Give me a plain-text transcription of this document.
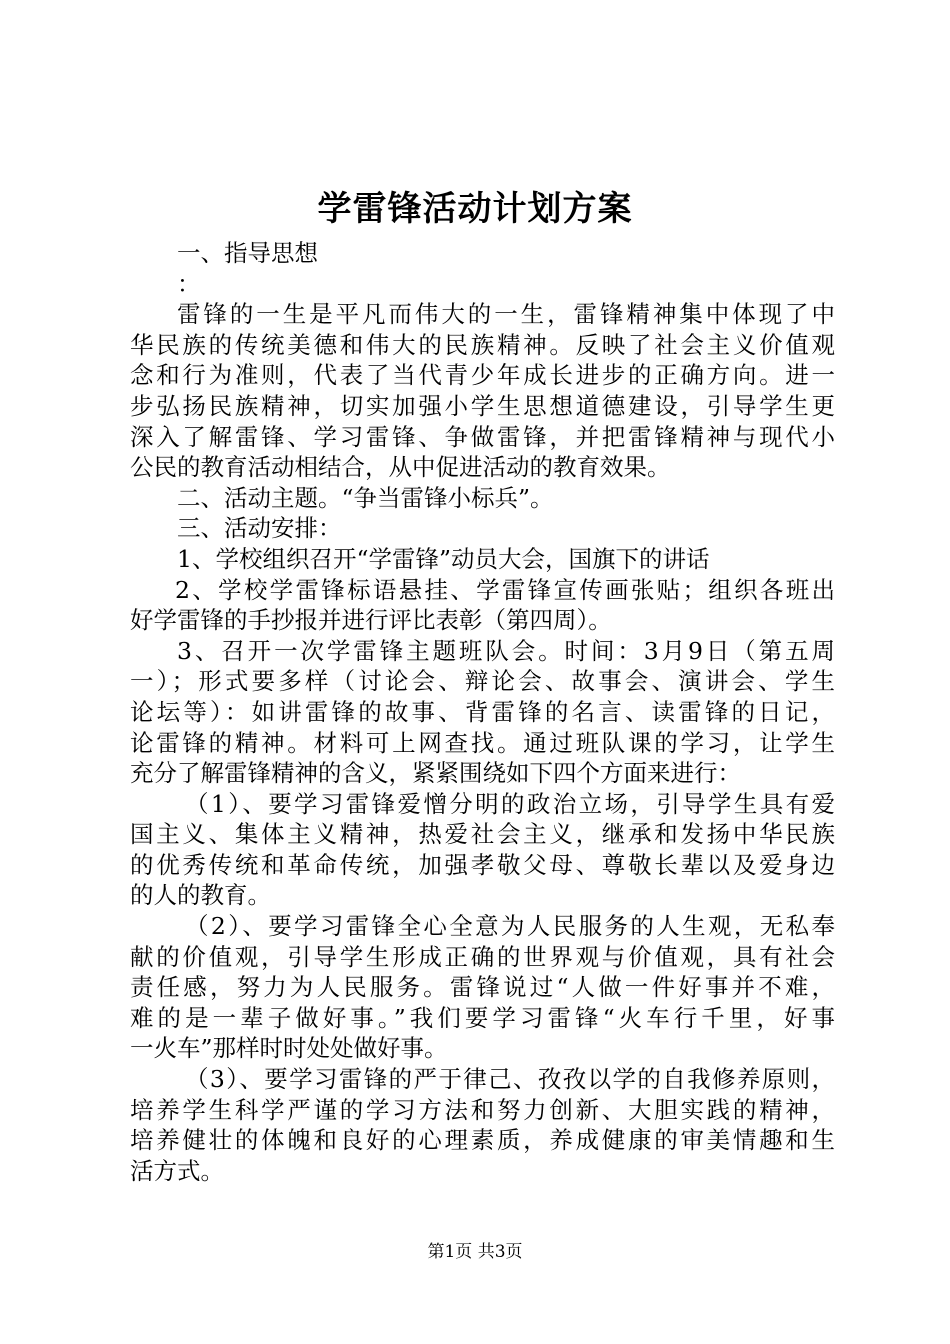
学雷锋活动计划方案
一、指导思想
：
雷锋的一生是平凡而伟大的一生，雷锋精神集中体现了中
华民族的传统美德和伟大的民族精神。反映了社会主义价值观
念和行为准则，代表了当代青少年成长进步的正确方向。进一
步弘扬民族精神，切实加强小学生思想道德建设，引导学生更
深入了解雷锋、学习雷锋、争做雷锋，并把雷锋精神与现代小
公民的教育活动相结合，从中促进活动的教育效果。
二、活动主题。“争当雷锋小标兵”。
三、活动安排：
1、学校组织召开“学雷锋”动员大会，国旗下的讲话
2、学校学雷锋标语悬挂、学雷锋宣传画张贴；组织各班出
好学雷锋的手抄报并进行评比表彰（第四周）。
3、召开一次学雷锋主题班队会。时间：3月9日（第五周
一）；形式要多样（讨论会、辩论会、故事会、演讲会、学生
论坛等）：如讲雷锋的故事、背雷锋的名言、读雷锋的日记，
论雷锋的精神。材料可上网查找。通过班队课的学习，让学生
充分了解雷锋精神的含义，紧紧围绕如下四个方面来进行：
（1）、要学习雷锋爱憎分明的政治立场，引导学生具有爱
国主义、集体主义精神，热爱社会主义，继承和发扬中华民族
的优秀传统和革命传统，加强孝敬父母、尊敬长辈以及爱身边
的人的教育。
（2）、要学习雷锋全心全意为人民服务的人生观，无私奉
献的价值观，引导学生形成正确的世界观与价值观，具有社会
责任感，努力为人民服务。雷锋说过“人做一件好事并不难，
难的是一辈子做好事。”我们要学习雷锋“火车行千里，好事
一火车”那样时时处处做好事。
（3）、要学习雷锋的严于律己、孜孜以学的自我修养原则，
培养学生科学严谨的学习方法和努力创新、大胆实践的精神，
培养健壮的体魄和良好的心理素质，养成健康的审美情趣和生
活方式。
第1页 共3页
